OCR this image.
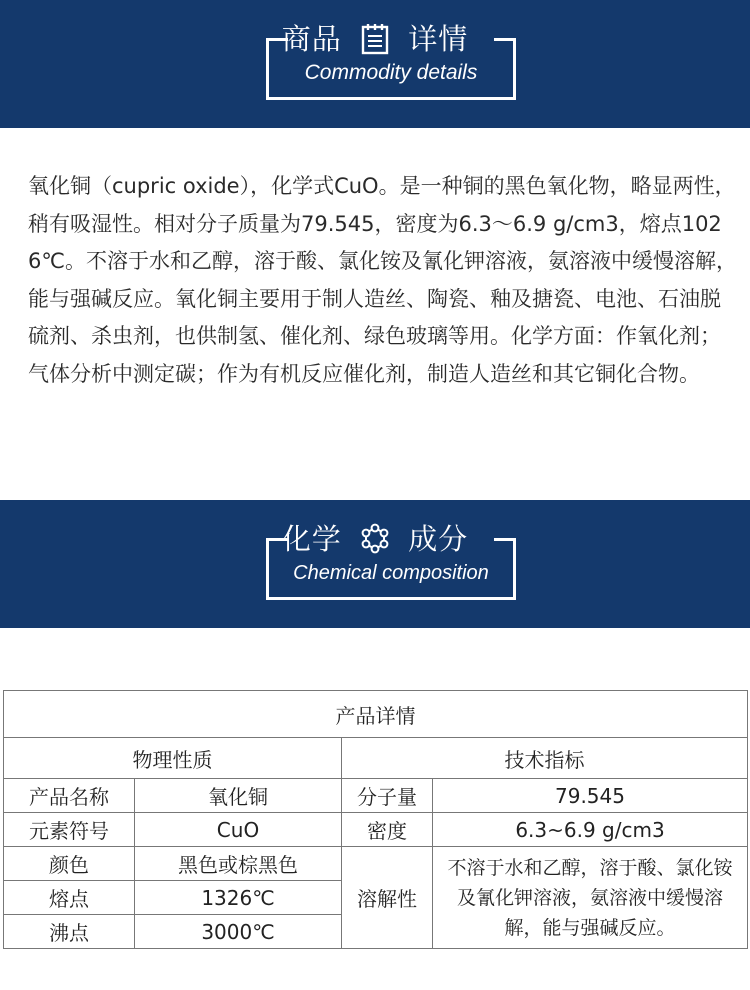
商品 详情
Commodity details
氧化铜（cupric oxide），化学式CuO。是一种铜的黑色氧化物，略显两性，稍有吸湿性。相对分子质量为79.545，密度为6.3～6.9 g/cm3，熔点1026℃。不溶于水和乙醇，溶于酸、氯化铵及氰化钾溶液，氨溶液中缓慢溶解，能与强碱反应。氧化铜主要用于制人造丝、陶瓷、釉及搪瓷、电池、石油脱硫剂、杀虫剂，也供制氢、催化剂、绿色玻璃等用。化学方面：作氧化剂；气体分析中测定碳；作为有机反应催化剂，制造人造丝和其它铜化合物。
化学 成分
Chemical composition
产品详情			
物理性质		技术指标	
产品名称	氧化铜	分子量	79.545
元素符号	CuO	密度	6.3~6.9 g/cm3
颜色	黑色或棕黑色	溶解性	不溶于水和乙醇，溶于酸、氯化铵及氰化钾溶液，氨溶液中缓慢溶解，能与强碱反应。
熔点	1326℃		
沸点	3000℃		
